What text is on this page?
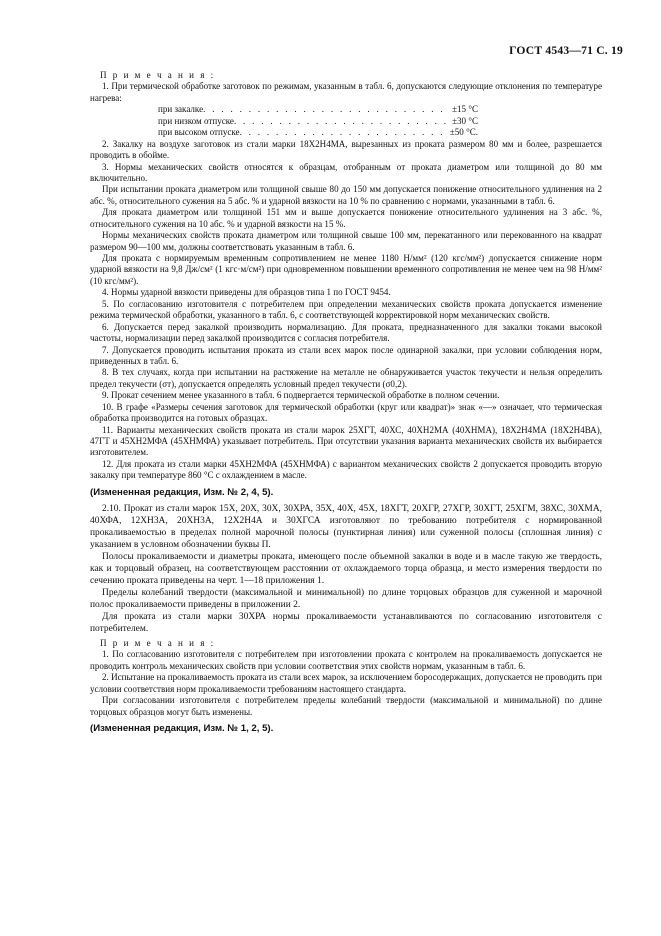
ГОСТ 4543—71 С. 19

П р и м е ч а н и я :

1. При термической обработке заготовок по режимам, указанным в табл. 6, допускаются следующие отклонения по температуре нагрева:

при закалке . . .	±15 °С
при низком отпуске . . .	±30 °С
при высоком отпуске . . .	±50 °С.

2. Закалку на воздухе заготовок из стали марки 18Х2Н4МА, вырезанных из проката размером 80 мм и более, разрешается проводить в обойме.

3. Нормы механических свойств относятся к образцам, отобранным от проката диаметром или толщиной до 80 мм включительно.

При испытании проката диаметром или толщиной свыше 80 до 150 мм допускается понижение относительного удлинения на 2 абс. %, относительного сужения на 5 абс. % и ударной вязкости на 10 % по сравнению с нормами, указанными в табл. 6.

Для проката диаметром или толщиной 151 мм и выше допускается понижение относительного удлинения на 3 абс. %, относительного сужения на 10 абс. % и ударной вязкости на 15 %.

Нормы механических свойств проката диаметром или толщиной свыше 100 мм, перекатанного или перекованного на квадрат размером 90—100 мм, должны соответствовать указанным в табл. 6.

Для проката с нормируемым временным сопротивлением не менее 1180 Н/мм² (120 кгс/мм²) допускается снижение норм ударной вязкости на 9,8 Дж/см² (1 кгс·м/см²) при одновременном повышении временного сопротивления не менее чем на 98 Н/мм² (10 кгс/мм²).

4. Нормы ударной вязкости приведены для образцов типа 1 по ГОСТ 9454.

5. По согласованию изготовителя с потребителем при определении механических свойств проката допускается изменение режима термической обработки, указанного в табл. 6, с соответствующей корректировкой норм механических свойств.

6. Допускается перед закалкой производить нормализацию. Для проката, предназначенного для закалки токами высокой частоты, нормализации перед закалкой производится с согласия потребителя.

7. Допускается проводить испытания проката из стали всех марок после одинарной закалки, при условии соблюдения норм, приведенных в табл. 6.

8. В тех случаях, когда при испытании на растяжение на металле не обнаруживается участок текучести и нельзя определить предел текучести (σт), допускается определять условный предел текучести (σ0,2).

9. Прокат сечением менее указанного в табл. 6 подвергается термической обработке в полном сечении.

10. В графе «Размеры сечения заготовок для термической обработки (круг или квадрат)» знак «—» означает, что термическая обработка производится на готовых образцах.

11. Варианты механических свойств проката из стали марок 25ХГТ, 40ХС, 40ХН2МА (40ХНМА), 18Х2Н4МА (18Х2Н4ВА), 47ГТ и 45ХН2МФА (45ХНМФА) указывает потребитель. При отсутствии указания варианта механических свойств их выбирается изготовителем.

12. Для проката из стали марки 45ХН2МФА (45ХНМФА) с вариантом механических свойств 2 допускается проводить вторую закалку при температуре 860 °С с охлаждением в масле.

(Измененная редакция, Изм. № 2, 4, 5).

2.10. Прокат из стали марок 15Х, 20Х, 30Х, 30ХРА, 35Х, 40Х, 45Х, 18ХГТ, 20ХГР, 27ХГР, 30ХГТ, 25ХГМ, 38ХС, 30ХМА, 40ХФА, 12ХН3А, 20ХН3А, 12Х2Н4А и 30ХГСА изготовляют по требованию потребителя с нормированной прокаливаемостью в пределах полной марочной полосы (пунктирная линия) или суженной полосы (сплошная линия) с указанием в условном обозначении буквы П.

Полосы прокаливаемости и диаметры проката, имеющего после объемной закалки в воде и в масле такую же твердость, как и торцовый образец, на соответствующем расстоянии от охлаждаемого торца образца, и место измерения твердости по сечению проката приведены на черт. 1—18 приложения 1.

Пределы колебаний твердости (максимальной и минимальной) по длине торцовых образцов для суженной и марочной полос прокаливаемости приведены в приложении 2.

Для проката из стали марки 30ХРА нормы прокаливаемости устанавливаются по согласованию изготовителя с потребителем.

П р и м е ч а н и я :

1. По согласованию изготовителя с потребителем при изготовлении проката с контролем на прокаливаемость допускается не проводить контроль механических свойств при условии соответствия этих свойств нормам, указанным в табл. 6.

2. Испытание на прокаливаемость проката из стали всех марок, за исключением боросодержащих, допускается не проводить при условии соответствия норм прокаливаемости требованиям настоящего стандарта.

При согласовании изготовителя с потребителем пределы колебаний твердости (максимальной и минимальной) по длине торцовых образцов могут быть изменены.

(Измененная редакция, Изм. № 1, 2, 5).
